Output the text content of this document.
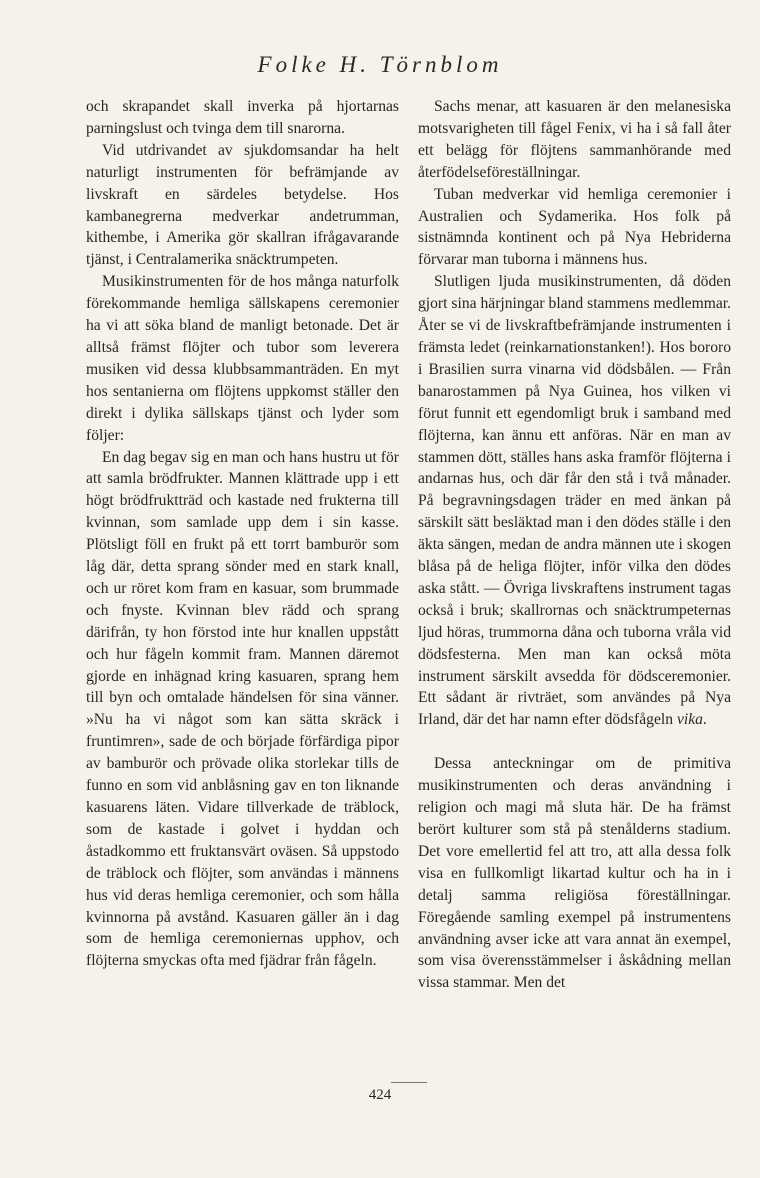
Folke H. Törnblom

och skrapandet skall inverka på hjortarnas parningslust och tvinga dem till snarorna.

Vid utdrivandet av sjukdomsandar ha helt naturligt instrumenten för befrämjande av livskraft en särdeles betydelse. Hos kambanegrerna medverkar andetrumman, kithembe, i Amerika gör skallran ifrågavarande tjänst, i Centralamerika snäcktrumpeten.

Musikinstrumenten för de hos många naturfolk förekommande hemliga sällskapens ceremonier ha vi att söka bland de manligt betonade. Det är alltså främst flöjter och tubor som leverera musiken vid dessa klubbsammanträden. En myt hos sentanierna om flöjtens uppkomst ställer den direkt i dylika sällskaps tjänst och lyder som följer:

En dag begav sig en man och hans hustru ut för att samla brödfrukter. Mannen klättrade upp i ett högt brödfruktträd och kastade ned frukterna till kvinnan, som samlade upp dem i sin kasse. Plötsligt föll en frukt på ett torrt bamburör som låg där, detta sprang sönder med en stark knall, och ur röret kom fram en kasuar, som brummade och fnyste. Kvinnan blev rädd och sprang därifrån, ty hon förstod inte hur knallen uppstått och hur fågeln kommit fram. Mannen däremot gjorde en inhägnad kring kasuaren, sprang hem till byn och omtalade händelsen för sina vänner. »Nu ha vi något som kan sätta skräck i fruntimren», sade de och började förfärdiga pipor av bamburör och prövade olika storlekar tills de funno en som vid anblåsning gav en ton liknande kasuarens läten. Vidare tillverkade de träblock, som de kastade i golvet i hyddan och åstadkommo ett fruktansvärt oväsen. Så uppstodo de träblock och flöjter, som användas i männens hus vid deras hemliga ceremonier, och som hålla kvinnorna på avstånd. Kasuaren gäller än i dag som de hemliga ceremoniernas upphov, och flöjterna smyckas ofta med fjädrar från fågeln.

Sachs menar, att kasuaren är den melanesiska motsvarigheten till fågel Fenix, vi ha i så fall åter ett belägg för flöjtens sammanhörande med återfödelseföreställningar.

Tuban medverkar vid hemliga ceremonier i Australien och Sydamerika. Hos folk på sistnämnda kontinent och på Nya Hebriderna förvarar man tuborna i männens hus.

Slutligen ljuda musikinstrumenten, då döden gjort sina härjningar bland stammens medlemmar. Åter se vi de livskraftbefrämjande instrumenten i främsta ledet (reinkarnationstanken!). Hos bororo i Brasilien surra vinarna vid dödsbålen. — Från banarostammen på Nya Guinea, hos vilken vi förut funnit ett egendomligt bruk i samband med flöjterna, kan ännu ett anföras. När en man av stammen dött, ställes hans aska framför flöjterna i andarnas hus, och där får den stå i två månader. På begravningsdagen träder en med änkan på särskilt sätt besläktad man i den dödes ställe i den äkta sängen, medan de andra männen ute i skogen blåsa på de heliga flöjter, inför vilka den dödes aska stått. — Övriga livskraftens instrument tagas också i bruk; skallrornas och snäcktrumpeternas ljud höras, trummorna dåna och tuborna vråla vid dödsfesterna. Men man kan också möta instrument särskilt avsedda för dödsceremonier. Ett sådant är rivträet, som användes på Nya Irland, där det har namn efter dödsfågeln vika.

Dessa anteckningar om de primitiva musikinstrumenten och deras användning i religion och magi må sluta här. De ha främst berört kulturer som stå på stenålderns stadium. Det vore emellertid fel att tro, att alla dessa folk visa en fullkomligt likartad kultur och ha in i detalj samma religiösa föreställningar. Föregående samling exempel på instrumentens användning avser icke att vara annat än exempel, som visa överensstämmelser i åskådning mellan vissa stammar. Men det

424
